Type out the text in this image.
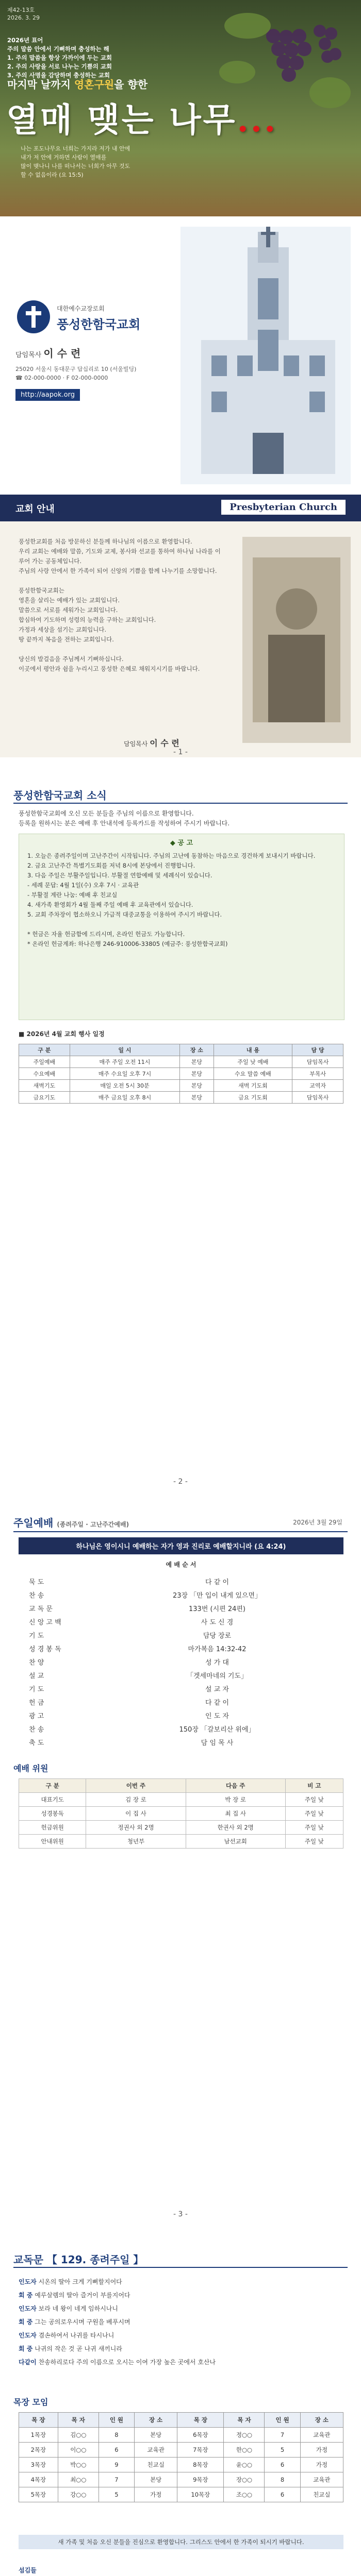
제42-13호
2026. 3. 29
2026년 표어
주의 말씀 안에서 기뻐하며 충성하는 해
1. 주의 말씀을 항상 가까이에 두는 교회
2. 주의 사랑을 서로 나누는 기쁨의 교회
3. 주의 사명을 감당하며 충성하는 교회
마지막 날까지 영혼구원을 향한
열매 맺는 나무...
나는 포도나무요 너희는 가지라 저가 내 안에
내가 저 안에 거하면 사람이 열매를
많이 맺나니 나를 떠나서는 너희가 아무 것도
할 수 없음이라 (요 15:5)
대한예수교장로회
풍성한함국교회
담임목사 이 수 련
25020 서울시 동대문구 답십리로 10 (서울빌딩)
☎ 02-000-0000 · F 02-000-0000
http://aapok.org
교회 안내	Presbyterian Church
풍성한교회를 처음 방문하신 분들께 하나님의 이름으로 환영합니다.
우리 교회는 예배와 말씀, 기도와 교제, 봉사와 선교를 통하여 하나님 나라를 이루어 가는 공동체입니다.
주님의 사랑 안에서 한 가족이 되어 신앙의 기쁨을 함께 나누기를 소망합니다.

풍성한함국교회는
영혼을 살리는 예배가 있는 교회입니다.
말씀으로 서로를 세워가는 교회입니다.
합심하여 기도하며 성령의 능력을 구하는 교회입니다.
가정과 세상을 섬기는 교회입니다.
땅 끝까지 복음을 전하는 교회입니다.

당신의 발걸음을 주님께서 기뻐하십니다.
이곳에서 평안과 쉼을 누리시고 풍성한 은혜로 채워지시기를 바랍니다.
담임목사 이 수 련
- 1 -
풍성한함국교회 소식
풍성한함국교회에 오신 모든 분들을 주님의 이름으로 환영합니다.
등록을 원하시는 분은 예배 후 안내석에 등록카드를 작성하여 주시기 바랍니다.
◆ 공 고
1. 오늘은 종려주일이며 고난주간이 시작됩니다. 주님의 고난에 동참하는 마음으로 경건하게 보내시기 바랍니다.
2. 금요 고난주간 특별기도회를 저녁 8시에 본당에서 진행합니다.
3. 다음 주일은 부활주일입니다. 부활절 연합예배 및 세례식이 있습니다.
- 세례 문답: 4월 1일(수) 오후 7시 · 교육관
- 부활절 계란 나눔: 예배 후 친교실
4. 새가족 환영회가 4월 둘째 주일 예배 후 교육관에서 있습니다.
5. 교회 주차장이 협소하오니 가급적 대중교통을 이용하여 주시기 바랍니다.

* 헌금은 자율 헌금함에 드리시며, 온라인 헌금도 가능합니다.
* 온라인 헌금계좌: 하나은행 246-910006-33805 (예금주: 풍성한함국교회)
■ 2026년 4월 교회 행사 일정
구 분	일 시	장 소	내 용	담 당
주일예배	매주 주일 오전 11시	본당	주일 낮 예배	담임목사
수요예배	매주 수요일 오후 7시	본당	수요 말씀 예배	부목사
새벽기도	매일 오전 5시 30분	본당	새벽 기도회	교역자
금요기도	매주 금요일 오후 8시	본당	금요 기도회	담임목사
- 2 -
주일예배 (종려주일 · 고난주간예배)	2026년 3월 29일
하나님은 영이시니 예배하는 자가 영과 진리로 예배할지니라 (요 4:24)
예 배 순 서
묵 도	다 같 이
찬 송	23장 「만 입이 내게 있으면」
교 독 문	133번 (시편 24편)
신 앙 고 백	사 도 신 경
기 도	담당 장로
성 경 봉 독	마가복음 14:32-42
찬 양	성 가 대
설 교	「겟세마네의 기도」
기 도	설 교 자
헌 금	다 같 이
광 고	인 도 자
찬 송	150장 「갈보리산 위에」
축 도	담 임 목 사
예배 위원
구 분	이번 주	다음 주	비 고
대표기도	김 장 로	박 장 로	주일 낮
성경봉독	이 집 사	최 집 사	주일 낮
헌금위원	정권사 외 2명	한권사 외 2명	주일 낮
안내위원	청년부	남선교회	주일 낮
- 3 -
교독문 【 129. 종려주일 】
인도자 시온의 딸아 크게 기뻐할지어다
회 중 예루살렘의 딸아 즐거이 부를지어다
인도자 보라 네 왕이 네게 임하시나니
회 중 그는 공의로우시며 구원을 베푸시며
인도자 겸손하여서 나귀를 타시나니
회 중 나귀의 작은 것 곧 나귀 새끼니라
다같이 찬송하리로다 주의 이름으로 오시는 이여 가장 높은 곳에서 호산나
목장 모임
목 장	목 자	인 원	장 소	목 장	목 자	인 원	장 소
1목장	김○○	8	본당	6목장	정○○	7	교육관
2목장	이○○	6	교육관	7목장	한○○	5	가정
3목장	박○○	9	친교실	8목장	윤○○	6	가정
4목장	최○○	7	본당	9목장	장○○	8	교육관
5목장	강○○	5	가정	10목장	조○○	6	친교실
새 가족 및 처음 오신 분들을 진심으로 환영합니다. 그리스도 안에서 한 가족이 되시기 바랍니다.
섬김들
